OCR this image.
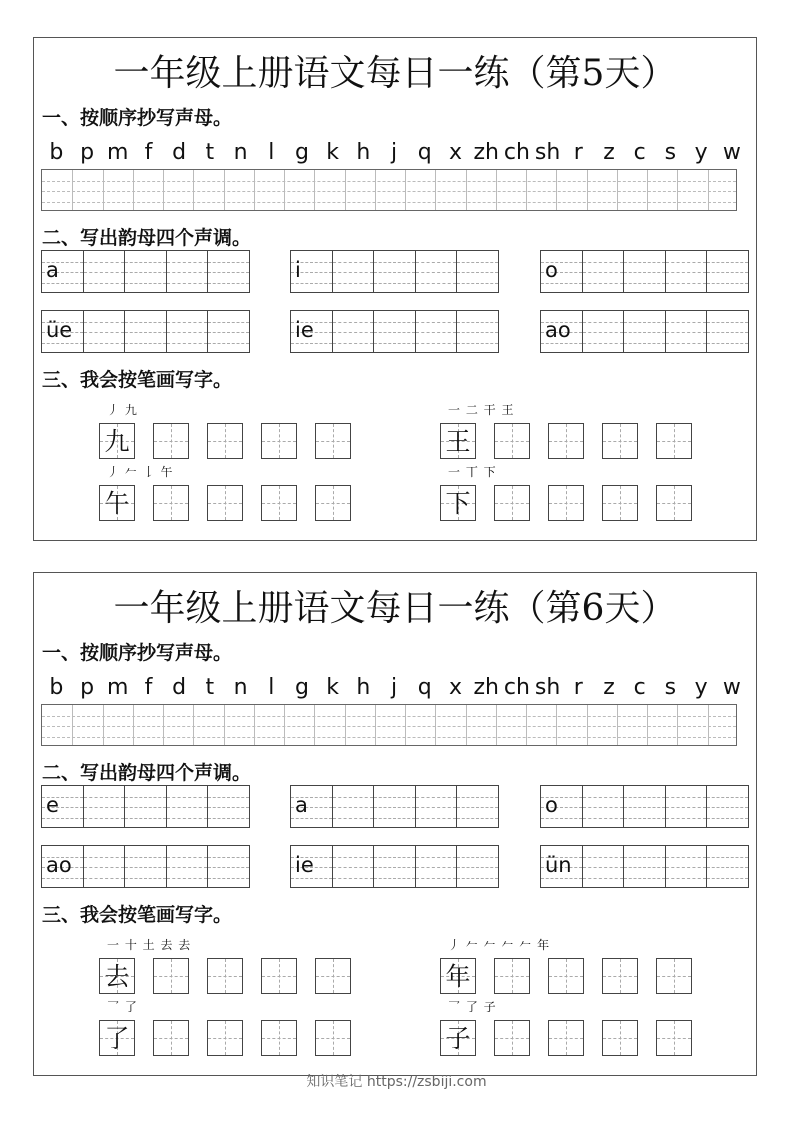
一年级上册语文每日一练（第5天）
一、按顺序抄写声母。
b p m f d t n l g k h j q x zh ch sh r z c s y w
二、写出韵母四个声调。
a	i	o
üe	ie	ao
三、我会按笔画写字。
丿 九
九
一 二 干 王
王
丿 𠂉 𠄌 午
午
一 丅 下
下
一年级上册语文每日一练（第6天）
一、按顺序抄写声母。
b p m f d t n l g k h j q x zh ch sh r z c s y w
二、写出韵母四个声调。
e	a	o
ao	ie	ün
三、我会按笔画写字。
一 十 土 去 去
去
丿 𠂉 𠂉 𠂉 𠂉 年
年
乛 了
了
乛 了 子
子
知识笔记 https://zsbiji.com
